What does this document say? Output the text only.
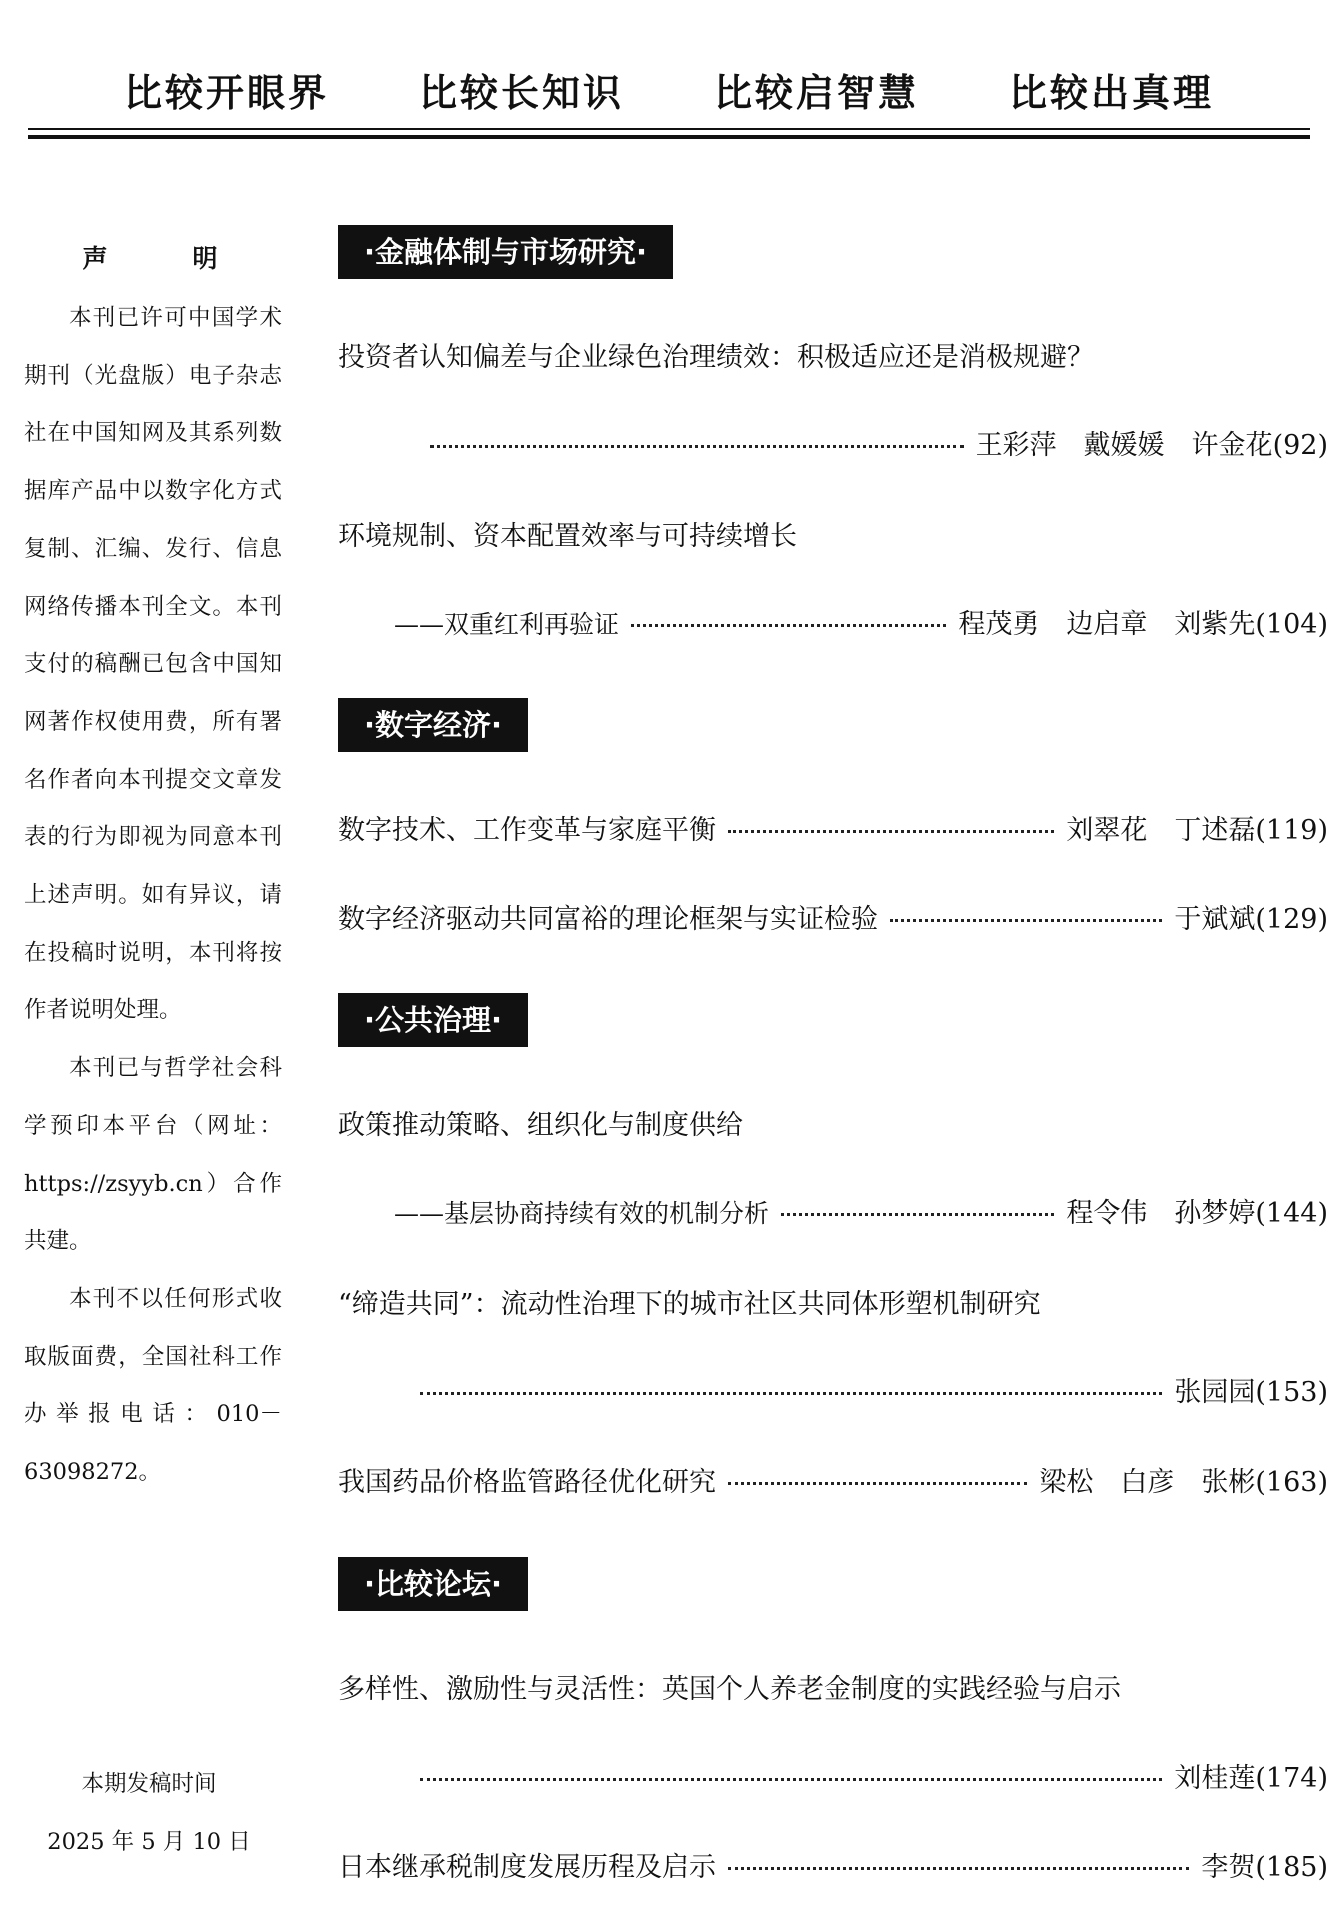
比较开眼界 比较长知识 比较启智慧 比较出真理
声　明

本刊已许可中国学术期刊（光盘版）电子杂志社在中国知网及其系列数据库产品中以数字化方式复制、汇编、发行、信息网络传播本刊全文。本刊支付的稿酬已包含中国知网著作权使用费，所有署名作者向本刊提交文章发表的行为即视为同意本刊上述声明。如有异议，请在投稿时说明，本刊将按作者说明处理。

本刊已与哲学社会科学预印本平台（网址：https://zsyyb.cn）合作共建。

本刊不以任何形式收取版面费，全国社科工作办举报电话：010－63098272。

本期发稿时间
2025 年 5 月 10 日
·金融体制与市场研究·
投资者认知偏差与企业绿色治理绩效：积极适应还是消极规避？
王彩萍　戴媛媛　许金花 (92)
环境规制、资本配置效率与可持续增长
——双重红利再验证	程茂勇　边启章　刘紫先 (104)
·数字经济·
数字技术、工作变革与家庭平衡	刘翠花　丁述磊 (119)
数字经济驱动共同富裕的理论框架与实证检验	于斌斌 (129)
·公共治理·
政策推动策略、组织化与制度供给
——基层协商持续有效的机制分析	程令伟　孙梦婷 (144)
“缔造共同”：流动性治理下的城市社区共同体形塑机制研究
张园园 (153)
我国药品价格监管路径优化研究	梁松　白彦　张彬 (163)
·比较论坛·
多样性、激励性与灵活性：英国个人养老金制度的实践经验与启示
刘桂莲 (174)
日本继承税制度发展历程及启示	李贺 (185)
